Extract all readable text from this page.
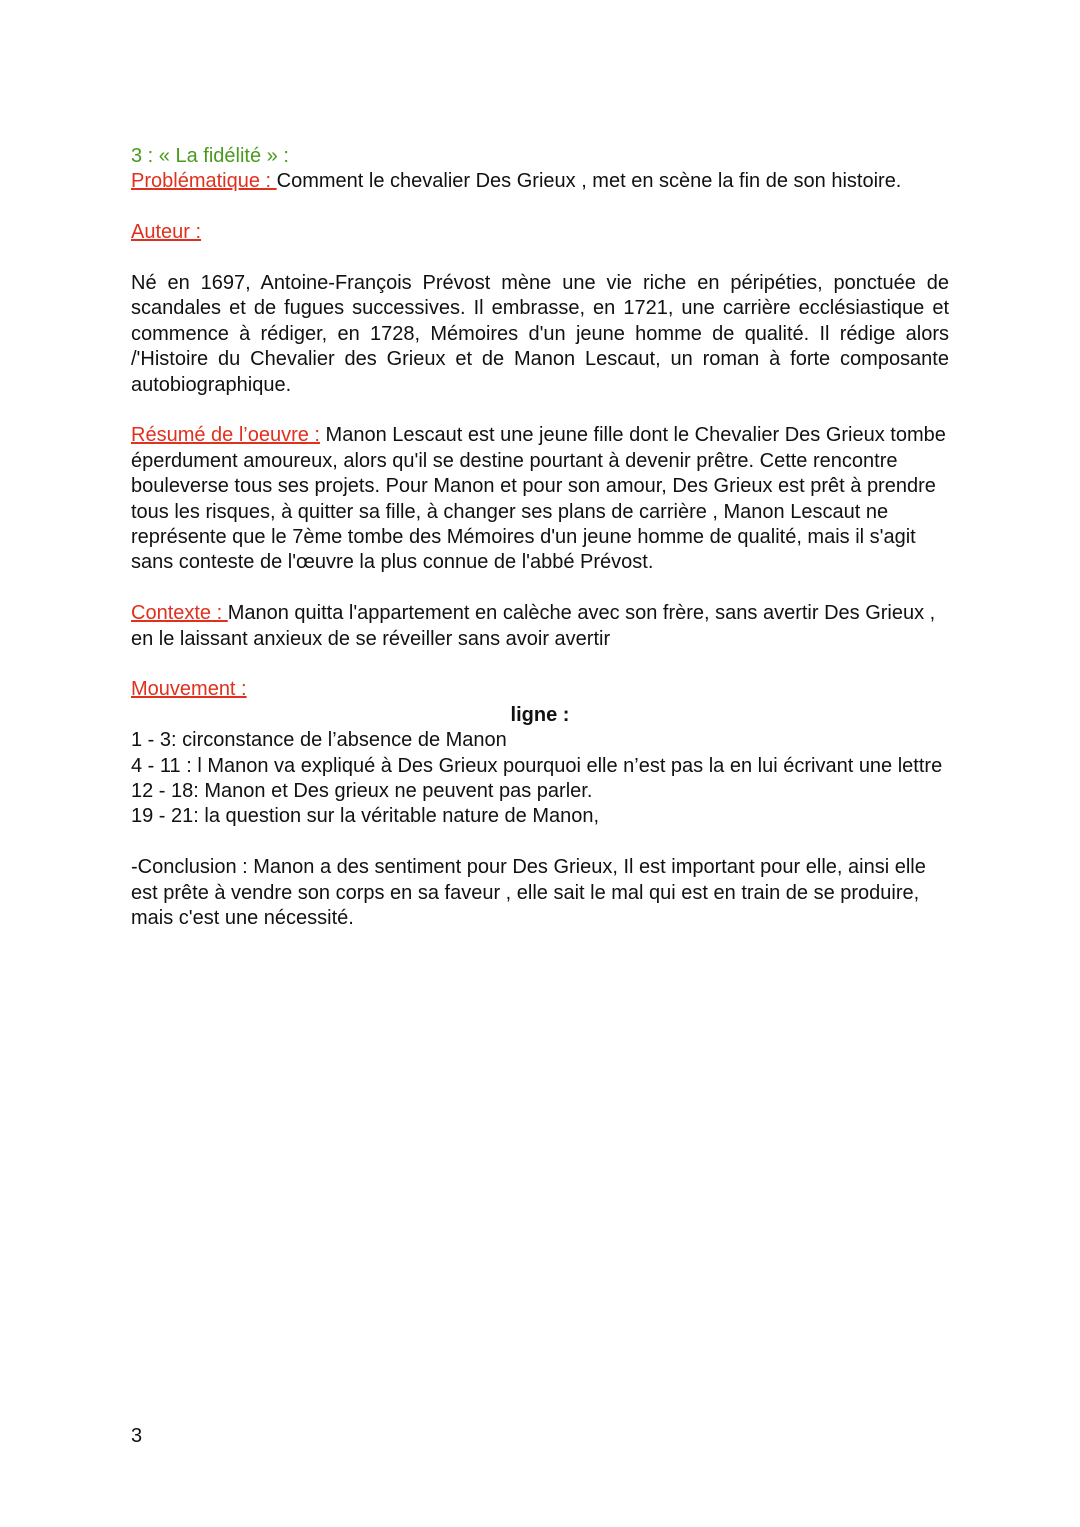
3 : « La fidélité » :

Problématique : Comment le chevalier Des Grieux , met en scène la fin de son histoire.

Auteur :

Né en 1697, Antoine-François Prévost mène une vie riche en péripéties, ponctuée de scandales et de fugues successives. Il embrasse, en 1721, une carrière ecclésiastique et commence à rédiger, en 1728, Mémoires d'un jeune homme de qualité. Il rédige alors /'Histoire du Chevalier des Grieux et de Manon Lescaut, un roman à forte composante autobiographique.

Résumé de l’oeuvre : Manon Lescaut est une jeune fille dont le Chevalier Des Grieux tombe éperdument amoureux, alors qu'il se destine pourtant à devenir prêtre. Cette rencontre bouleverse tous ses projets. Pour Manon et pour son amour, Des Grieux est prêt à prendre tous les risques, à quitter sa fille, à changer ses plans de carrière , Manon Lescaut ne représente que le 7ème tombe des Mémoires d'un jeune homme de qualité, mais il s'agit sans conteste de l'œuvre la plus connue de l'abbé Prévost.

Contexte : Manon quitta l'appartement en calèche avec son frère, sans avertir Des Grieux , en le laissant anxieux de se réveiller sans avoir avertir

Mouvement :

ligne :

1 - 3: circonstance de l’absence de Manon

4 - 11 : l Manon va expliqué à Des Grieux pourquoi elle n’est pas la en lui écrivant une lettre

12 - 18: Manon et Des grieux ne peuvent pas parler.

19 - 21: la question sur la véritable nature de Manon,

-Conclusion : Manon a des sentiment pour Des Grieux, Il est important pour elle, ainsi elle est prête à vendre son corps en sa faveur , elle sait le mal qui est en train de se produire, mais c'est une nécessité.

3
